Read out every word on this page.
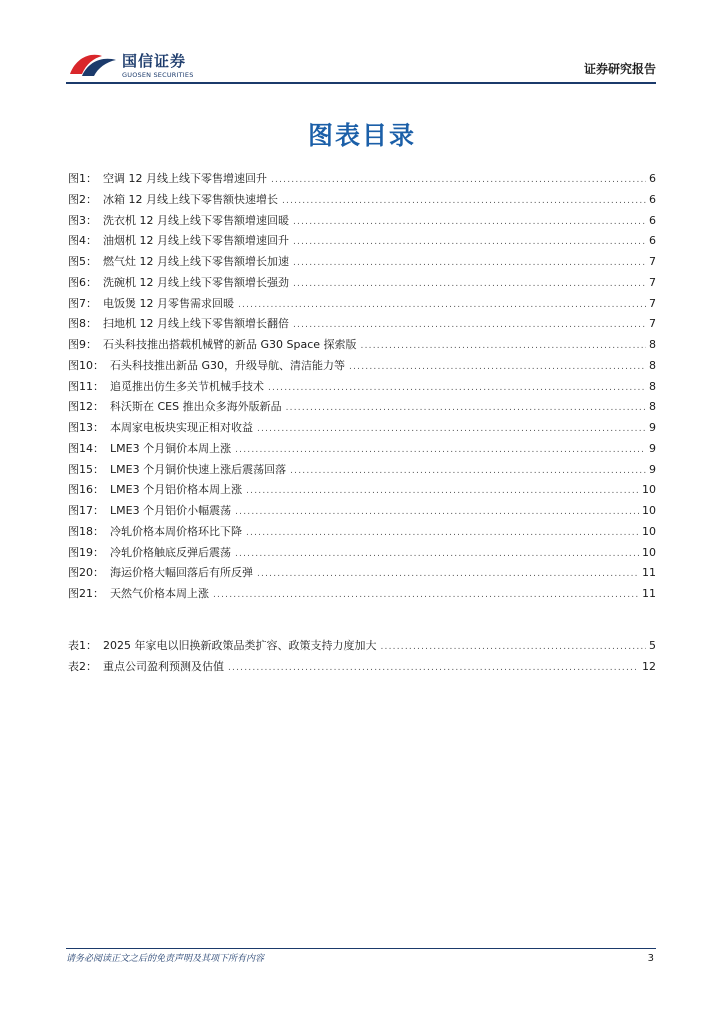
国信证券
GUOSEN SECURITIES	证券研究报告
图表目录
图1： 空调 12 月线上线下零售增速回升 .....	6
图2： 冰箱 12 月线上线下零售额快速增长 .....	6
图3： 洗衣机 12 月线上线下零售额增速回暖 .....	6
图4： 油烟机 12 月线上线下零售额增速回升 .....	6
图5： 燃气灶 12 月线上线下零售额增长加速 .....	7
图6： 洗碗机 12 月线上线下零售额增长强劲 .....	7
图7： 电饭煲 12 月零售需求回暖 .....	7
图8： 扫地机 12 月线上线下零售额增长翻倍 .....	7
图9： 石头科技推出搭载机械臂的新品 G30 Space 探索版 .....	8
图10： 石头科技推出新品 G30，升级导航、清洁能力等 .....	8
图11： 追觅推出仿生多关节机械手技术 .....	8
图12： 科沃斯在 CES 推出众多海外版新品 .....	8
图13： 本周家电板块实现正相对收益 .....	9
图14： LME3 个月铜价本周上涨 .....	9
图15： LME3 个月铜价快速上涨后震荡回落 .....	9
图16： LME3 个月铝价格本周上涨 .....	10
图17： LME3 个月铝价小幅震荡 .....	10
图18： 冷轧价格本周价格环比下降 .....	10
图19： 冷轧价格触底反弹后震荡 .....	10
图20： 海运价格大幅回落后有所反弹 .....	11
图21： 天然气价格本周上涨 .....	11
表1： 2025 年家电以旧换新政策品类扩容、政策支持力度加大 .....	5
表2： 重点公司盈利预测及估值 .....	12
请务必阅读正文之后的免责声明及其项下所有内容	3
